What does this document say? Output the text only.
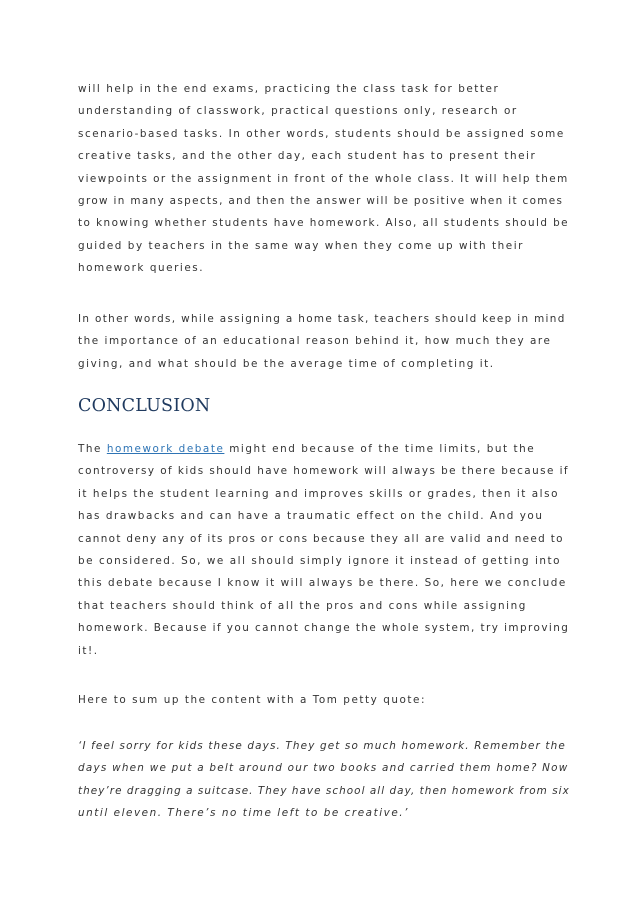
will help in the end exams, practicing the class task for better
understanding of classwork, practical questions only, research or
scenario-based tasks. In other words, students should be assigned some
creative tasks, and the other day, each student has to present their
viewpoints or the assignment in front of the whole class. It will help them
grow in many aspects, and then the answer will be positive when it comes
to knowing whether students have homework. Also, all students should be
guided by teachers in the same way when they come up with their
homework queries.
In other words, while assigning a home task, teachers should keep in mind
the importance of an educational reason behind it, how much they are
giving, and what should be the average time of completing it.
CONCLUSION
The homework debate might end because of the time limits, but the
controversy of kids should have homework will always be there because if
it helps the student learning and improves skills or grades, then it also
has drawbacks and can have a traumatic effect on the child. And you
cannot deny any of its pros or cons because they all are valid and need to
be considered. So, we all should simply ignore it instead of getting into
this debate because I know it will always be there. So, here we conclude
that teachers should think of all the pros and cons while assigning
homework. Because if you cannot change the whole system, try improving
it!.
Here to sum up the content with a Tom petty quote:
‘I feel sorry for kids these days. They get so much homework. Remember the
days when we put a belt around our two books and carried them home? Now
they’re dragging a suitcase. They have school all day, then homework from six
until eleven. There’s no time left to be creative.’
